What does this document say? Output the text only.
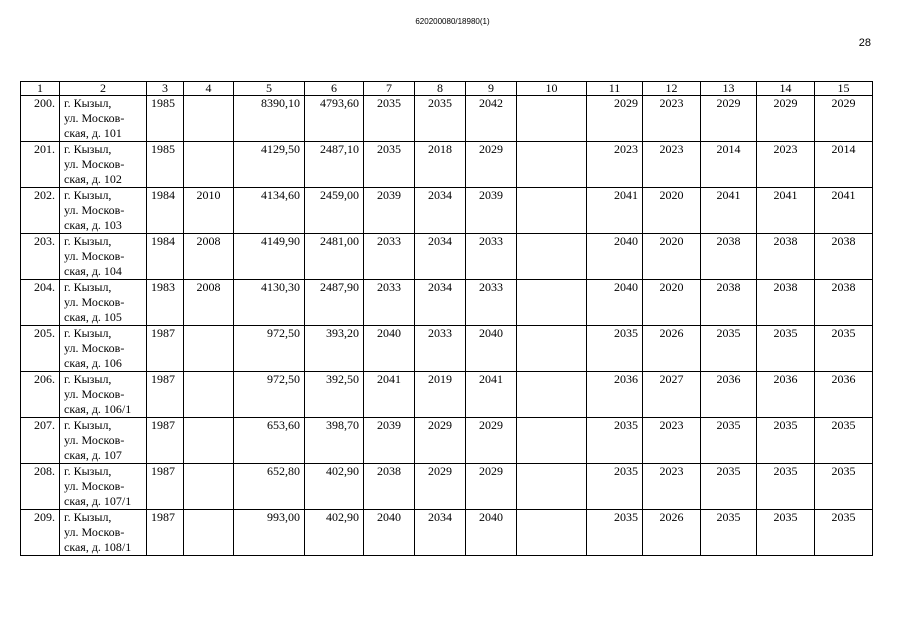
620200080/18980(1)
28
1	2	3	4	5	6	7	8	9	10	11	12	13	14	15
200.	г. Кызыл,
ул. Москов-
ская, д. 101	1985		8390,10	4793,60	2035	2035	2042		2029	2023	2029	2029	2029
201.	г. Кызыл,
ул. Москов-
ская, д. 102	1985		4129,50	2487,10	2035	2018	2029		2023	2023	2014	2023	2014
202.	г. Кызыл,
ул. Москов-
ская, д. 103	1984	2010	4134,60	2459,00	2039	2034	2039		2041	2020	2041	2041	2041
203.	г. Кызыл,
ул. Москов-
ская, д. 104	1984	2008	4149,90	2481,00	2033	2034	2033		2040	2020	2038	2038	2038
204.	г. Кызыл,
ул. Москов-
ская, д. 105	1983	2008	4130,30	2487,90	2033	2034	2033		2040	2020	2038	2038	2038
205.	г. Кызыл,
ул. Москов-
ская, д. 106	1987		972,50	393,20	2040	2033	2040		2035	2026	2035	2035	2035
206.	г. Кызыл,
ул. Москов-
ская, д. 106/1	1987		972,50	392,50	2041	2019	2041		2036	2027	2036	2036	2036
207.	г. Кызыл,
ул. Москов-
ская, д. 107	1987		653,60	398,70	2039	2029	2029		2035	2023	2035	2035	2035
208.	г. Кызыл,
ул. Москов-
ская, д. 107/1	1987		652,80	402,90	2038	2029	2029		2035	2023	2035	2035	2035
209.	г. Кызыл,
ул. Москов-
ская, д. 108/1	1987		993,00	402,90	2040	2034	2040		2035	2026	2035	2035	2035
